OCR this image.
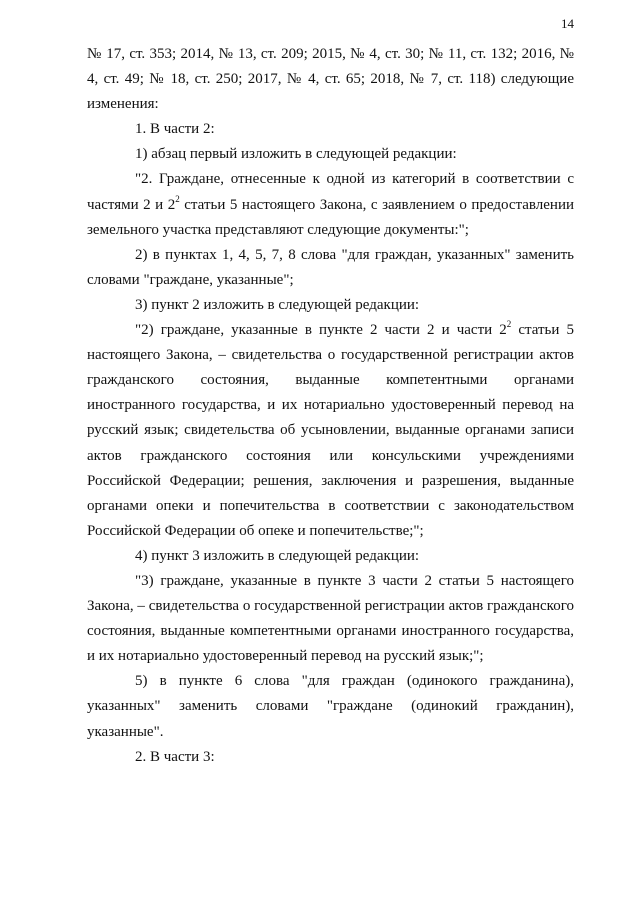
14

№ 17, ст. 353; 2014, № 13, ст. 209; 2015, № 4, ст. 30; № 11, ст. 132; 2016, № 4, ст. 49; № 18, ст. 250; 2017, № 4, ст. 65; 2018, № 7, ст. 118) следующие изменения:

1. В части 2:

1) абзац первый изложить в следующей редакции:

"2. Граждане, отнесенные к одной из категорий в соответствии с частями 2 и $2^2$ статьи 5 настоящего Закона, с заявлением о предоставлении земельного участка представляют следующие документы:";

2) в пунктах 1, 4, 5, 7, 8 слова "для граждан, указанных" заменить словами "граждане, указанные";

3) пункт 2 изложить в следующей редакции:

"2) граждане, указанные в пункте 2 части 2 и части $2^2$ статьи 5 настоящего Закона, – свидетельства о государственной регистрации актов гражданского состояния, выданные компетентными органами иностранного государства, и их нотариально удостоверенный перевод на русский язык; свидетельства об усыновлении, выданные органами записи актов гражданского состояния или консульскими учреждениями Российской Федерации; решения, заключения и разрешения, выданные органами опеки и попечительства в соответствии с законодательством Российской Федерации об опеке и попечительстве;";

4) пункт 3 изложить в следующей редакции:

"3) граждане, указанные в пункте 3 части 2 статьи 5 настоящего Закона, – свидетельства о государственной регистрации актов гражданского состояния, выданные компетентными органами иностранного государства, и их нотариально удостоверенный перевод на русский язык;";

5) в пункте 6 слова "для граждан (одинокого гражданина), указанных" заменить словами "граждане (одинокий гражданин), указанные".

2. В части 3:
